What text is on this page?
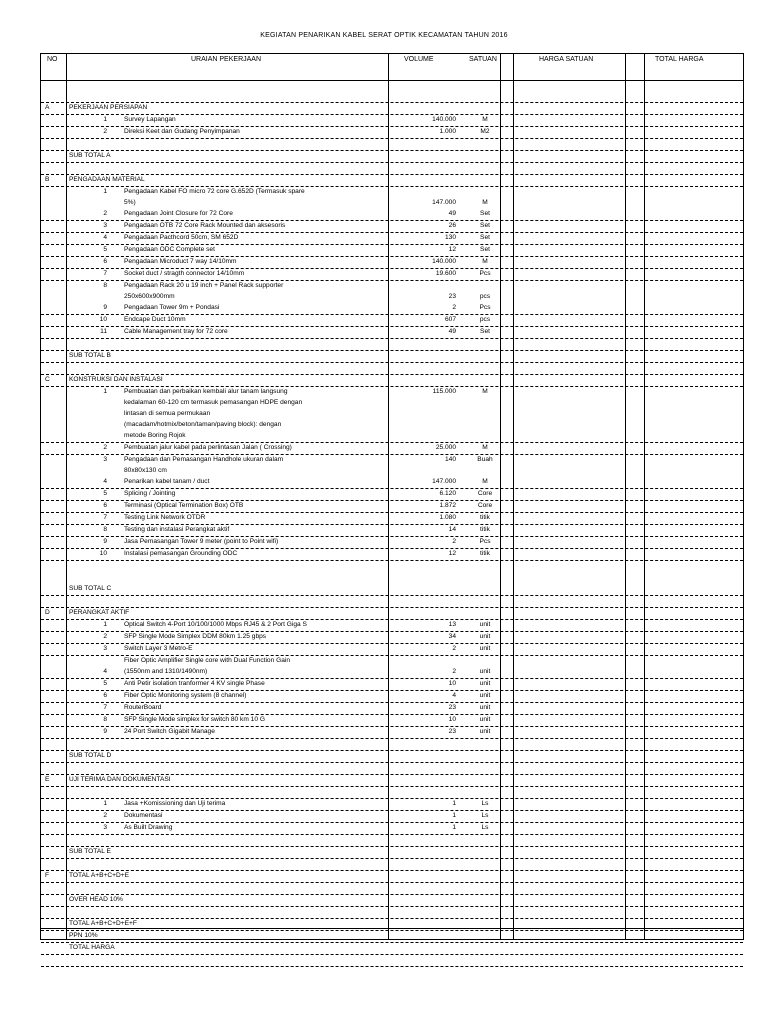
KEGIATAN PENARIKAN KABEL SERAT OPTIK KECAMATAN TAHUN 2016
NO	URAIAN PEKERJAAN	VOLUME	SATUAN	HARGA SATUAN	TOTAL HARGA
A	PEKERJAAN PERSIAPAN
1	Survey Lapangan	140.000	M
2	Direksi Keet dan Gudang Penyimpanan	1.000	M2
SUB TOTAL A
B	PENGADAAN MATERIAL
1	Pengadaan Kabel FO micro 72 core G.652D (Termasuk spare
5%)	147.000	M
2	Pengadaan Joint Closure for 72 Core	49	Set
3	Pengadaan OTB 72 Core Rack Mounted dan aksesoris	26	Set
4	Pengadaan Pacthcord 50cm, SM 652D	130	Set
5	Pengadaan ODC Complete set	12	Set
6	Pengadaan Microduct 7 way 14/10mm	140.000	M
7	Socket duct / stragth connector 14/10mm	19.600	Pcs
8	Pengadaan Rack 20 u 19 inch + Panel Rack supporter
250x600x900mm	23	pcs
9	Pengadaan Tower 9m + Pondasi	2	Pcs
10	Endcape Duct 10mm	607	pcs
11	Cable Management tray for 72 core	49	Set
SUB TOTAL B
C	KONSTRUKSI DAN INSTALASI
1	Pembuatan dan perbaikan kembali alur tanam langsung	115.000	M
kedalaman 60-120 cm termasuk pemasangan HDPE dengan
lintasan di semua permukaan
(macadam/hotmix/beton/taman/paving block): dengan
metode Boring Rojok
2	Pembuatan jalur kabel pada perlintasan Jalan ( Crossing)	25.000	M
3	Pengadaan dan Pemasangan Handhole ukuran dalam	140	Buah
80x80x130 cm
4	Penarikan kabel tanam / duct	147.000	M
5	Splicing / Jointing	6.120	Core
6	Terminasi (Optical Termination Box) OTB	1.872	Core
7	Testing Link Network OTDR	1.080	titik
8	Testing dan instalasi Perangkat aktif	14	titik
9	Jasa Pemasangan Tower 9 meter (point to Point wifi)	2	Pcs
10	Instalasi pemasangan Grounding ODC	12	titik
SUB TOTAL C
D	PERANGKAT AKTIF
1	Optical Switch 4-Port 10/100/1000 Mbps RJ45 & 2 Port Giga S	13	unit
2	SFP Single Mode Simplex DDM 80km 1.25 gbps	34	unit
3	Switch Layer 3 Metro-E	2	unit
Fiber Optic Amplifier Single core with Dual Function Gain
4	(1550nm and 1310/1490nm)	2	unit
5	Anti Petir isolation tranformer 4 KV single Phase	10	unit
6	Fiber Optic Monitoring system (8 channel)	4	unit
7	RouterBoard	23	unit
8	SFP Single Mode simplex for switch 80 km 10 G	10	unit
9	24 Port Switch Gigabit Manage	23	unit
SUB TOTAL D
E	UJI TERIMA DAN DOKUMENTASI
1	Jasa +Komissioning dan Uji terima	1	Ls
2	Dokumentasi	1	Ls
3	As Built Drawing	1	Ls
SUB TOTAL E
F	TOTAL A+B+C+D+E
OVER HEAD 10%
TOTAL A+B+C+D+E+F
PPN 10%
TOTAL HARGA
